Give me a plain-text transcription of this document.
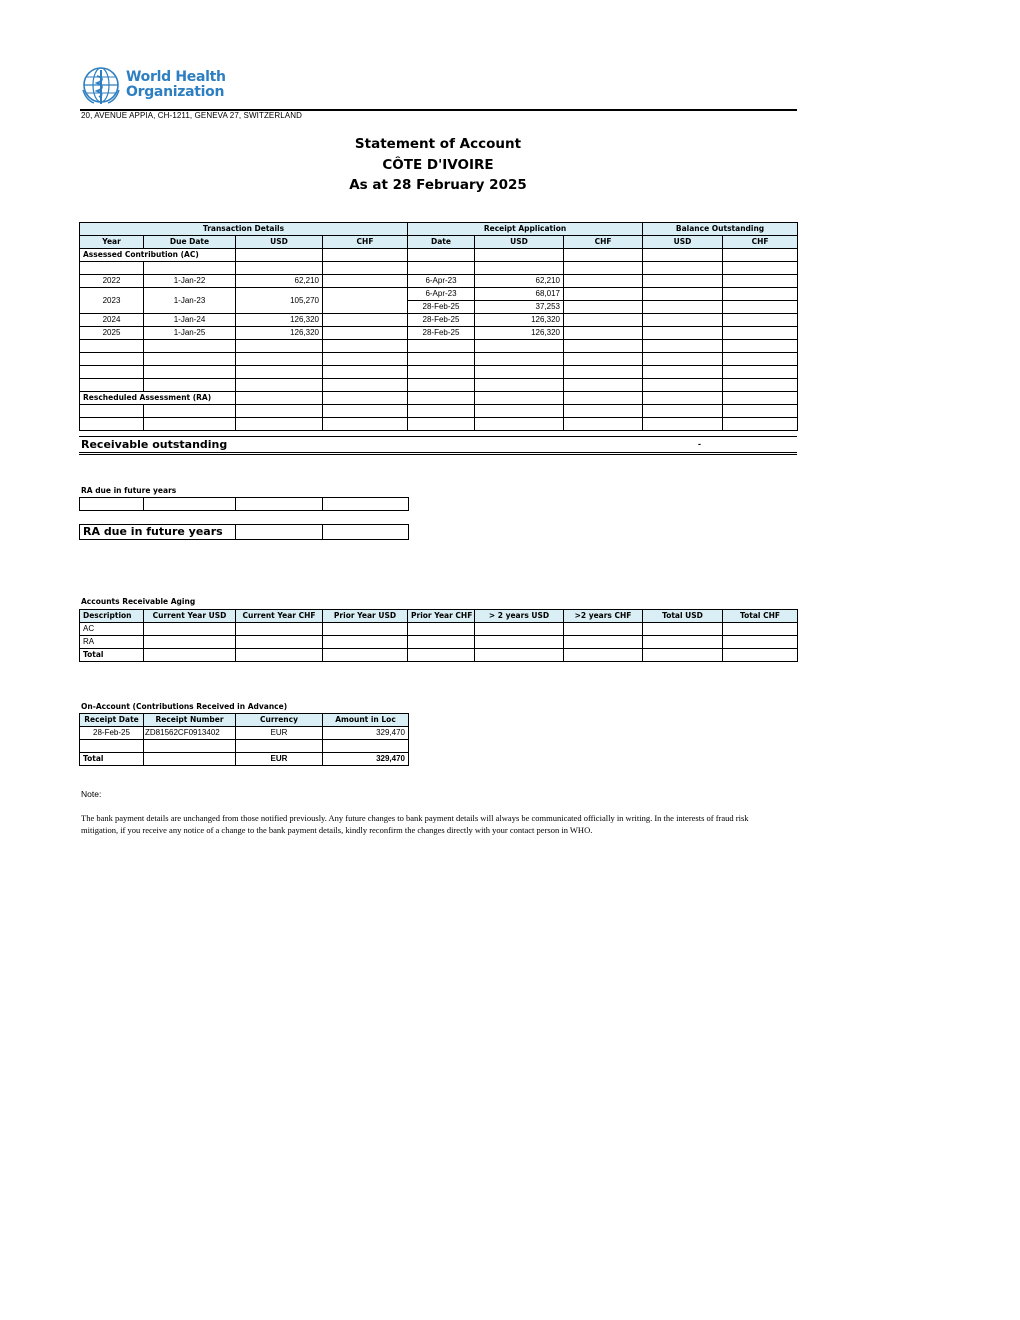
World Health
Organization
20, AVENUE APPIA, CH-1211, GENEVA 27, SWITZERLAND
Statement of Account
CÔTE D'IVOIRE
As at 28 February 2025
Transaction Details				Receipt Application			Balance Outstanding	
Year	Due Date	USD	CHF	Date	USD	CHF	USD	CHF
Assessed Contribution (AC)								

2022	1-Jan-22	62,210		6-Apr-23	62,210			
2023	1-Jan-23	105,270		6-Apr-23	68,017			
				28-Feb-25	37,253			
2024	1-Jan-24	126,320		28-Feb-25	126,320			
2025	1-Jan-25	126,320		28-Feb-25	126,320			

Rescheduled Assessment (RA)								

Receivable outstanding	-
RA due in future years

RA due in future years		
Accounts Receivable Aging
Description	Current Year USD	Current Year CHF	Prior Year USD	Prior Year CHF	> 2 years USD	>2 years CHF	Total USD	Total CHF
AC								
RA								
Total								
On-Account (Contributions Received in Advance)
Receipt Date	Receipt Number	Currency	Amount in Loc
28-Feb-25	ZD81562CF0913402	EUR	329,470

Total		EUR	329,470
Note:
The bank payment details are unchanged from those notified previously. Any future changes to bank payment details will always be communicated officially in writing. In the interests of fraud risk mitigation, if you receive any notice of a change to the bank payment details, kindly reconfirm the changes directly with your contact person in WHO.
